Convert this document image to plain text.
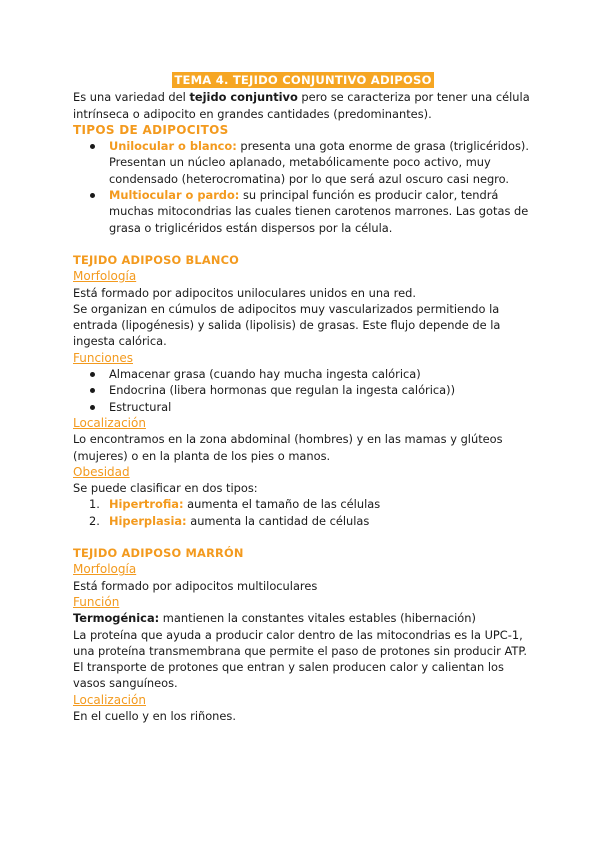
TEMA 4. TEJIDO CONJUNTIVO ADIPOSO

Es una variedad del tejido conjuntivo pero se caracteriza por tener una célula intrínseca o adipocito en grandes cantidades (predominantes).

TIPOS DE ADIPOCITOS
Unilocular o blanco: presenta una gota enorme de grasa (triglicéridos). Presentan un núcleo aplanado, metabólicamente poco activo, muy condensado (heterocromatina) por lo que será azul oscuro casi negro.
Multiocular o pardo: su principal función es producir calor, tendrá muchas mitocondrias las cuales tienen carotenos marrones. Las gotas de grasa o triglicéridos están dispersos por la célula.
TEJIDO ADIPOSO BLANCO
Morfología

Está formado por adipocitos uniloculares unidos en una red.

Se organizan en cúmulos de adipocitos muy vascularizados permitiendo la entrada (lipogénesis) y salida (lipolisis) de grasas. Este flujo depende de la ingesta calórica.

Funciones
Almacenar grasa (cuando hay mucha ingesta calórica)
Endocrina (libera hormonas que regulan la ingesta calórica))
Estructural
Localización

Lo encontramos en la zona abdominal (hombres) y en las mamas y glúteos (mujeres) o en la planta de los pies o manos.

Obesidad

Se puede clasificar en dos tipos:

1. Hipertrofia: aumenta el tamaño de las células
2. Hiperplasia: aumenta la cantidad de células
TEJIDO ADIPOSO MARRÓN
Morfología

Está formado por adipocitos multiloculares

Función

Termogénica: mantienen la constantes vitales estables (hibernación)

La proteína que ayuda a producir calor dentro de las mitocondrias es la UPC-1, una proteína transmembrana que permite el paso de protones sin producir ATP.

El transporte de protones que entran y salen producen calor y calientan los vasos sanguíneos.

Localización

En el cuello y en los riñones.
